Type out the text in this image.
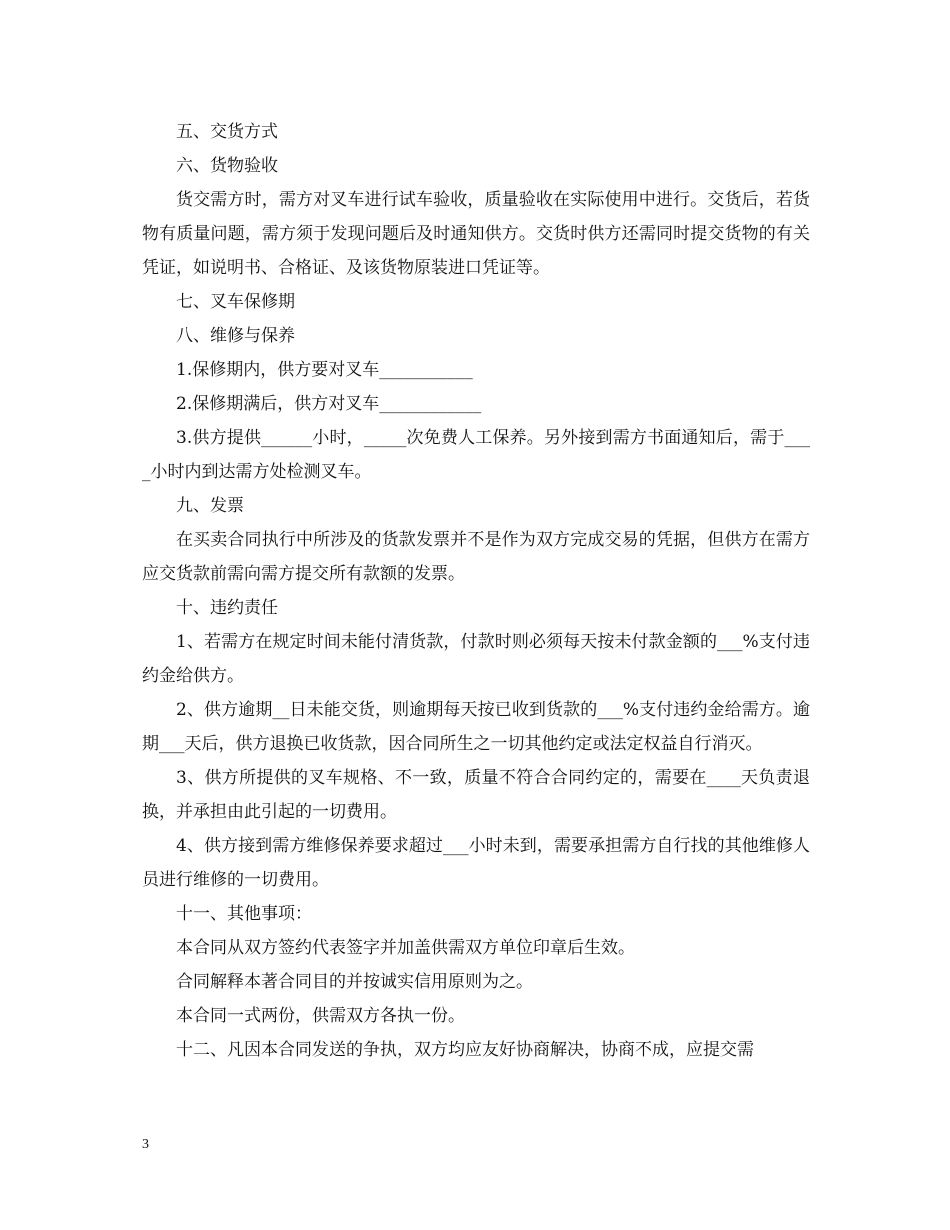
五、交货方式

六、货物验收

货交需方时，需方对叉车进行试车验收，质量验收在实际使用中进行。交货后，若货物有质量问题，需方须于发现问题后及时通知供方。交货时供方还需同时提交货物的有关凭证，如说明书、合格证、及该货物原装进口凭证等。

七、叉车保修期

八、维修与保养

1.保修期内，供方要对叉车___________

2.保修期满后，供方对叉车____________

3.供方提供______小时，_____次免费人工保养。另外接到需方书面通知后，需于____小时内到达需方处检测叉车。

九、发票

在买卖合同执行中所涉及的货款发票并不是作为双方完成交易的凭据，但供方在需方应交货款前需向需方提交所有款额的发票。

十、违约责任

1、若需方在规定时间未能付清货款，付款时则必须每天按未付款金额的___%支付违约金给供方。

2、供方逾期__日未能交货，则逾期每天按已收到货款的___%支付违约金给需方。逾期___天后，供方退换已收货款，因合同所生之一切其他约定或法定权益自行消灭。

3、供方所提供的叉车规格、不一致，质量不符合合同约定的，需要在____天负责退换，并承担由此引起的一切费用。

4、供方接到需方维修保养要求超过___小时未到，需要承担需方自行找的其他维修人员进行维修的一切费用。

十一、其他事项：

本合同从双方签约代表签字并加盖供需双方单位印章后生效。

合同解释本著合同目的并按诚实信用原则为之。

本合同一式两份，供需双方各执一份。

十二、凡因本合同发送的争执，双方均应友好协商解决，协商不成，应提交需

3
